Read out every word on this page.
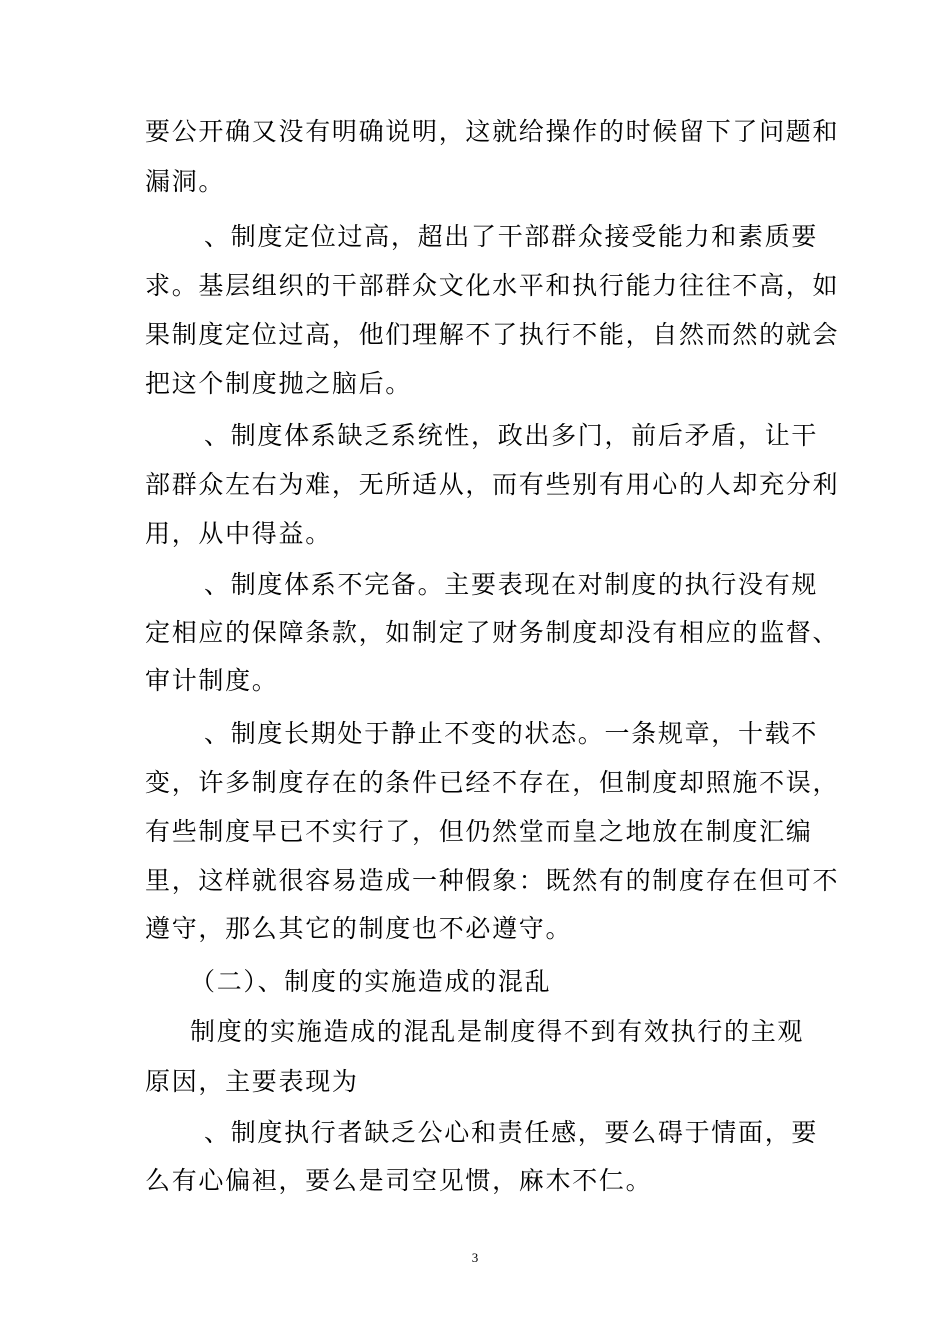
要公开确又没有明确说明，这就给操作的时候留下了问题和
漏洞。
、制度定位过高，超出了干部群众接受能力和素质要
求。基层组织的干部群众文化水平和执行能力往往不高，如
果制度定位过高，他们理解不了执行不能，自然而然的就会
把这个制度抛之脑后。
、制度体系缺乏系统性，政出多门，前后矛盾，让干
部群众左右为难，无所适从，而有些别有用心的人却充分利
用，从中得益。
、制度体系不完备。主要表现在对制度的执行没有规
定相应的保障条款，如制定了财务制度却没有相应的监督、
审计制度。
、制度长期处于静止不变的状态。一条规章，十载不
变，许多制度存在的条件已经不存在，但制度却照施不误，
有些制度早已不实行了，但仍然堂而皇之地放在制度汇编
里，这样就很容易造成一种假象：既然有的制度存在但可不
遵守，那么其它的制度也不必遵守。
（二）、制度的实施造成的混乱
制度的实施造成的混乱是制度得不到有效执行的主观
原因，主要表现为
、制度执行者缺乏公心和责任感，要么碍于情面，要
么有心偏袒，要么是司空见惯，麻木不仁。
3
